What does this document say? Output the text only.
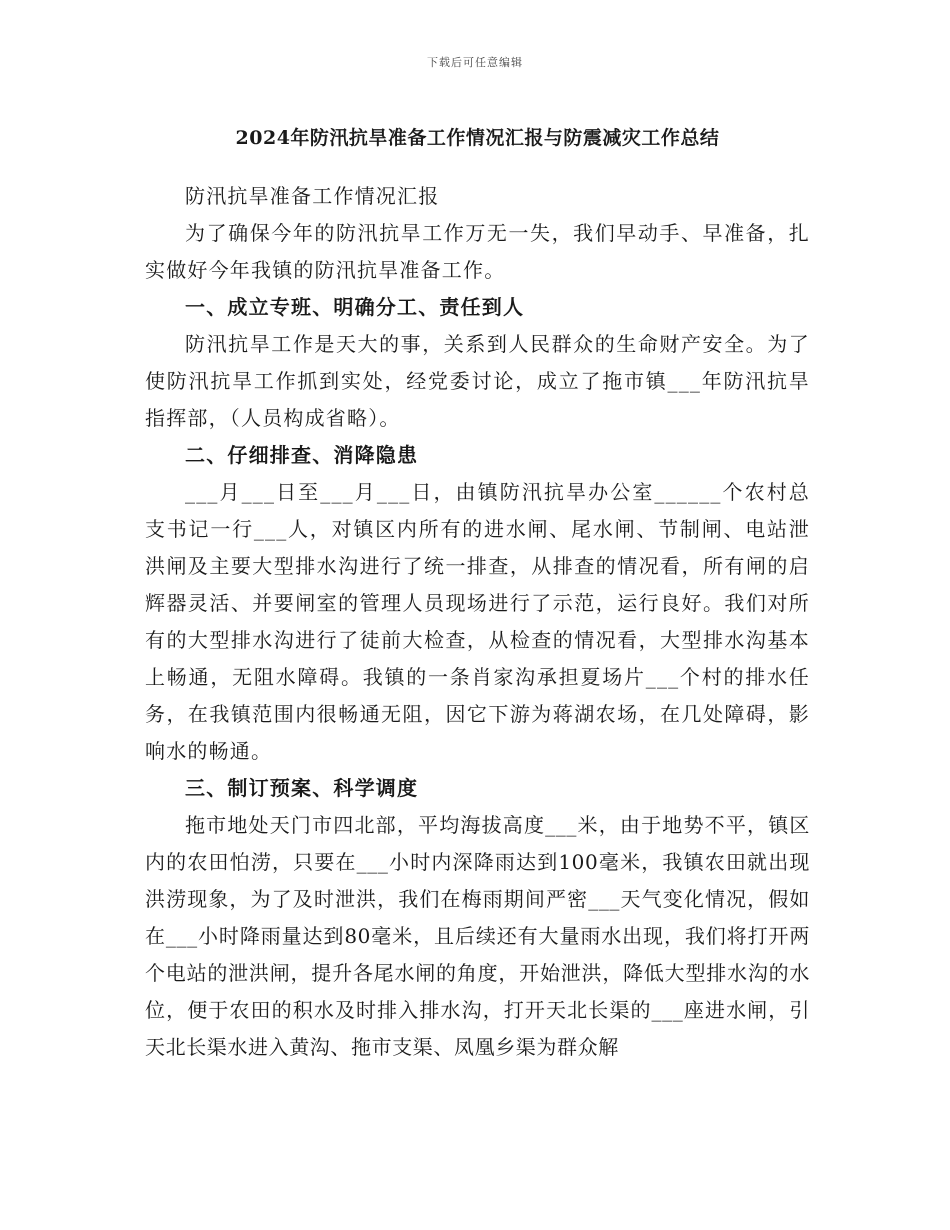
下载后可任意编辑
2024年防汛抗旱准备工作情况汇报与防震减灾工作总结

防汛抗旱准备工作情况汇报

为了确保今年的防汛抗旱工作万无一失，我们早动手、早准备，扎实做好今年我镇的防汛抗旱准备工作。

一、成立专班、明确分工、责任到人

防汛抗旱工作是天大的事，关系到人民群众的生命财产安全。为了使防汛抗旱工作抓到实处，经党委讨论，成立了拖市镇___年防汛抗旱指挥部，（人员构成省略）。

二、仔细排查、消降隐患

___月___日至___月___日，由镇防汛抗旱办公室______个农村总支书记一行___人，对镇区内所有的进水闸、尾水闸、节制闸、电站泄洪闸及主要大型排水沟进行了统一排查，从排查的情况看，所有闸的启辉器灵活、并要闸室的管理人员现场进行了示范，运行良好。我们对所有的大型排水沟进行了徒前大检查，从检查的情况看，大型排水沟基本上畅通，无阻水障碍。我镇的一条肖家沟承担夏场片___个村的排水任务，在我镇范围内很畅通无阻，因它下游为蒋湖农场，在几处障碍，影响水的畅通。

三、制订预案、科学调度

拖市地处天门市四北部，平均海拔高度___米，由于地势不平，镇区内的农田怕涝，只要在___小时内深降雨达到100毫米，我镇农田就出现洪涝现象，为了及时泄洪，我们在梅雨期间严密___天气变化情况，假如在___小时降雨量达到80毫米，且后续还有大量雨水出现，我们将打开两个电站的泄洪闸，提升各尾水闸的角度，开始泄洪，降低大型排水沟的水位，便于农田的积水及时排入排水沟，打开天北长渠的___座进水闸，引天北长渠水进入黄沟、拖市支渠、凤凰乡渠为群众解
